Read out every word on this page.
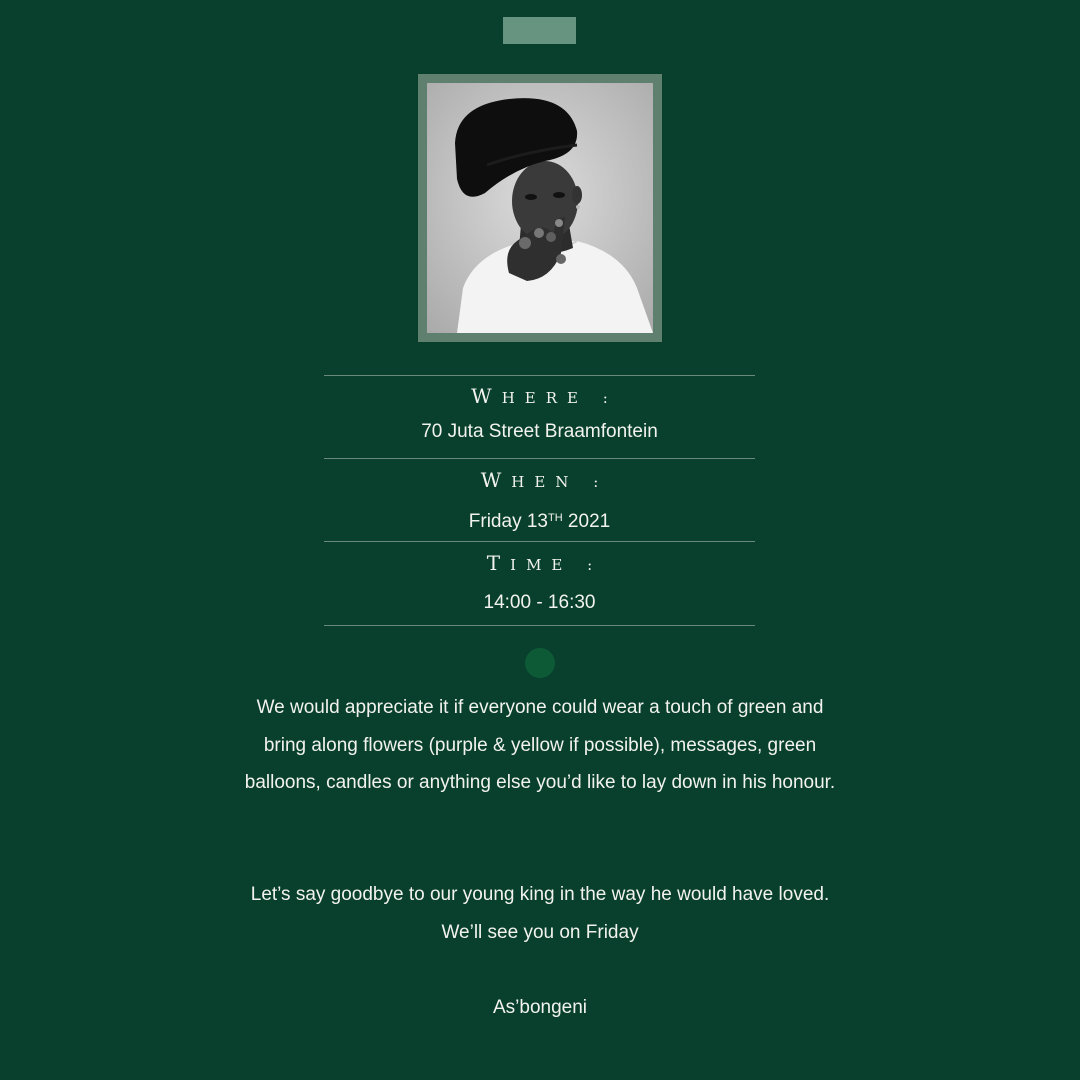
WHERE :
70 Juta Street Braamfontein
WHEN :
Friday 13TH 2021
TIME :
14:00 - 16:30

We would appreciate it if everyone could wear a touch of green and bring along flowers (purple & yellow if possible), messages, green balloons, candles or anything else you’d like to lay down in his honour.

Let’s say goodbye to our young king in the way he would have loved. We’ll see you on Friday

As’bongeni
